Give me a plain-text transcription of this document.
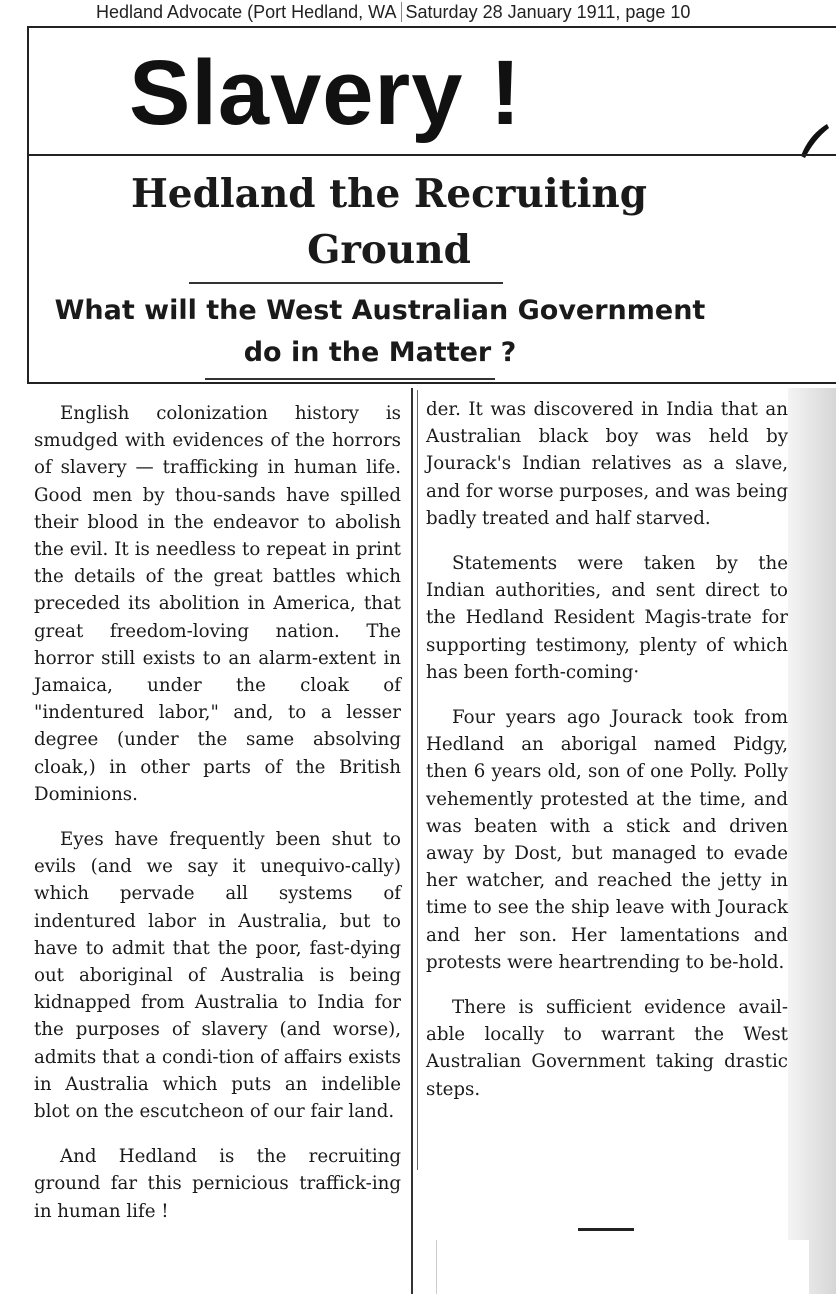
Hedland Advocate (Port Hedland, WA Saturday 28 January 1911, page 10
Slavery !
Hedland the Recruiting Ground
What will the West Australian Government do in the Matter ?

English colonization history is smudged with evidences of the horrors of slavery — trafficking in human life. Good men by thou-sands have spilled their blood in the endeavor to abolish the evil. It is needless to repeat in print the details of the great battles which preceded its abolition in America, that great freedom-loving nation. The horror still exists to an alarm-extent in Jamaica, under the cloak of "indentured labor," and, to a lesser degree (under the same absolving cloak,) in other parts of the British Dominions.

Eyes have frequently been shut to evils (and we say it unequivo-cally) which pervade all systems of indentured labor in Australia, but to have to admit that the poor, fast-dying out aboriginal of Australia is being kidnapped from Australia to India for the purposes of slavery (and worse), admits that a condi-tion of affairs exists in Australia which puts an indelible blot on the escutcheon of our fair land.

And Hedland is the recruiting ground far this pernicious traffick-ing in human life !

der. It was discovered in India that an Australian black boy was held by Jourack's Indian relatives as a slave, and for worse purposes, and was being badly treated and half starved.

Statements were taken by the Indian authorities, and sent direct to the Hedland Resident Magis-trate for supporting testimony, plenty of which has been forth-coming·

Four years ago Jourack took from Hedland an aborigal named Pidgy, then 6 years old, son of one Polly. Polly vehemently protested at the time, and was beaten with a stick and driven away by Dost, but managed to evade her watcher, and reached the jetty in time to see the ship leave with Jourack and her son. Her lamentations and protests were heartrending to be-hold.

There is sufficient evidence avail-able locally to warrant the West Australian Government taking drastic steps.
